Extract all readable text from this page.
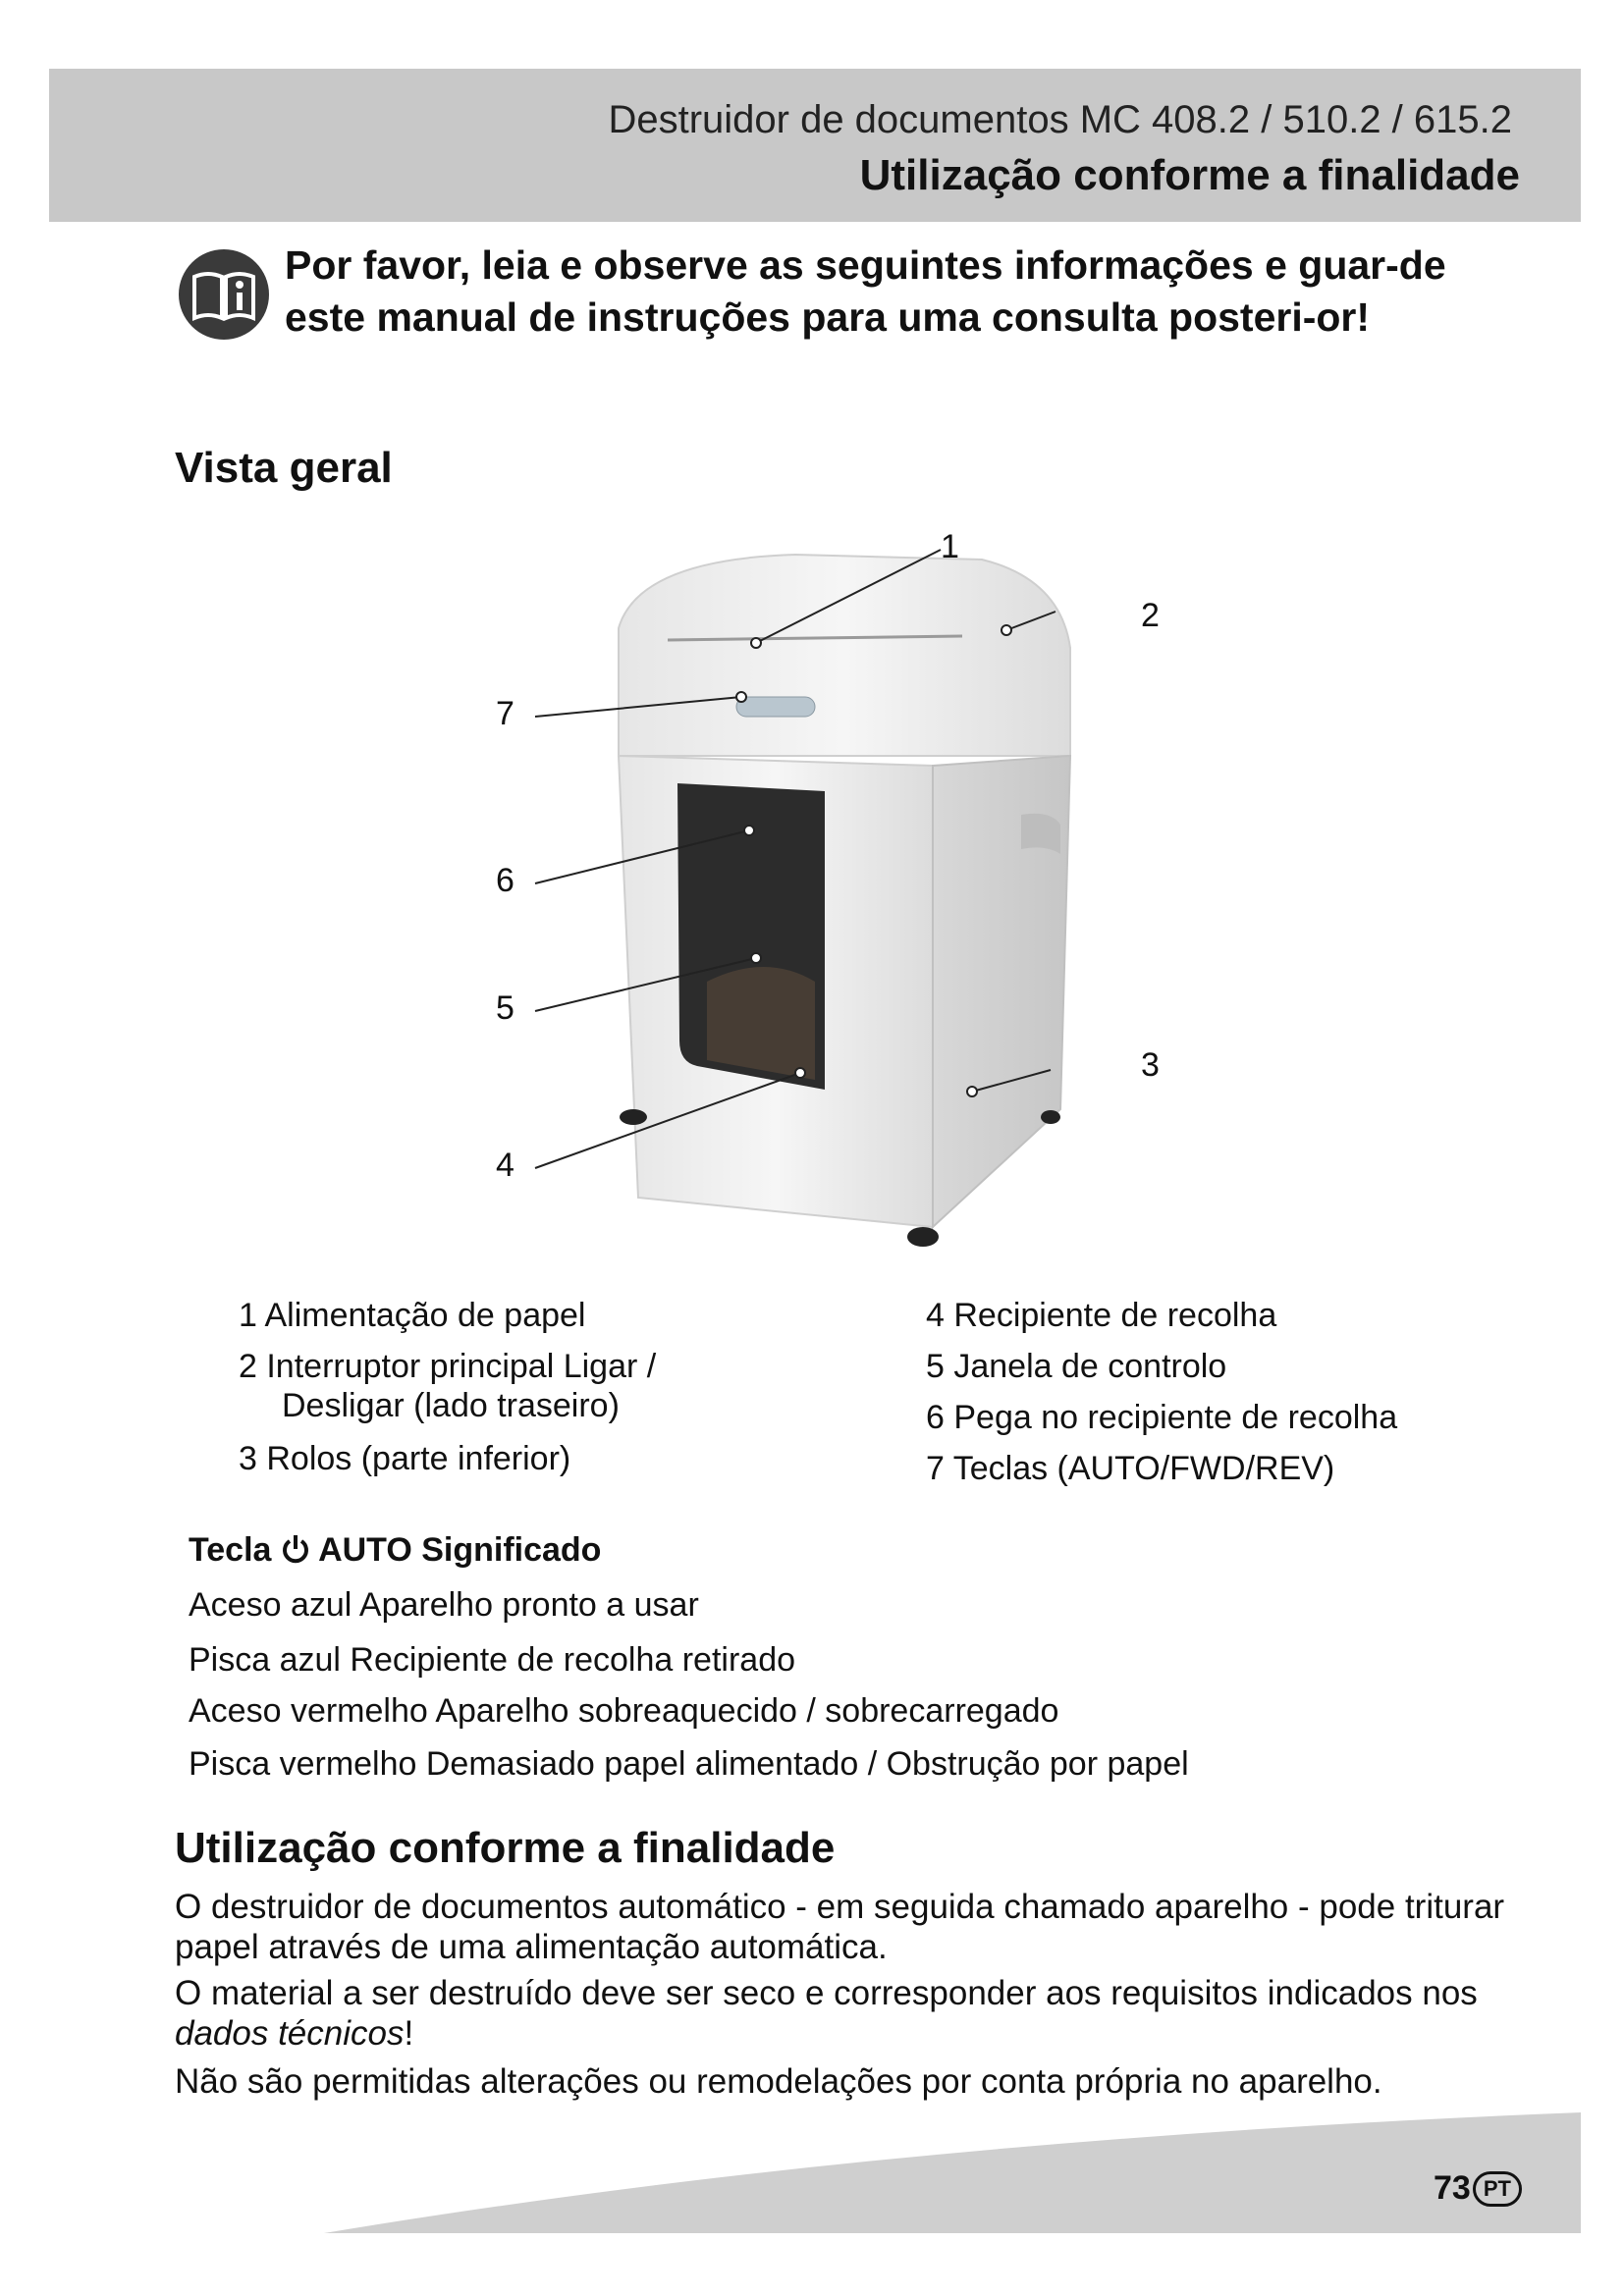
Destruidor de documentos MC 408.2 / 510.2 / 615.2
Utilização conforme a finalidade
Por favor, leia e observe as seguintes informações e guar-de este manual de instruções para uma consulta posteri-or!
Vista geral
1
2
3
4
5
6
7
1 Alimentação de papel
2 Interruptor principal Ligar / Desligar (lado traseiro)
3 Rolos (parte inferior)
4 Recipiente de recolha
5 Janela de controlo
6 Pega no recipiente de recolha
7 Teclas (AUTO/FWD/REV)
Tecla AUTO Significado
Aceso azul Aparelho pronto a usar
Pisca azul Recipiente de recolha retirado
Aceso vermelho Aparelho sobreaquecido / sobrecarregado
Pisca vermelho Demasiado papel alimentado / Obstrução por papel
Utilização conforme a finalidade
O destruidor de documentos automático - em seguida chamado aparelho - pode triturar papel através de uma alimentação automática.
O material a ser destruído deve ser seco e corresponder aos requisitos indicados nos dados técnicos!
Não são permitidas alterações ou remodelações por conta própria no aparelho.
73 PT
